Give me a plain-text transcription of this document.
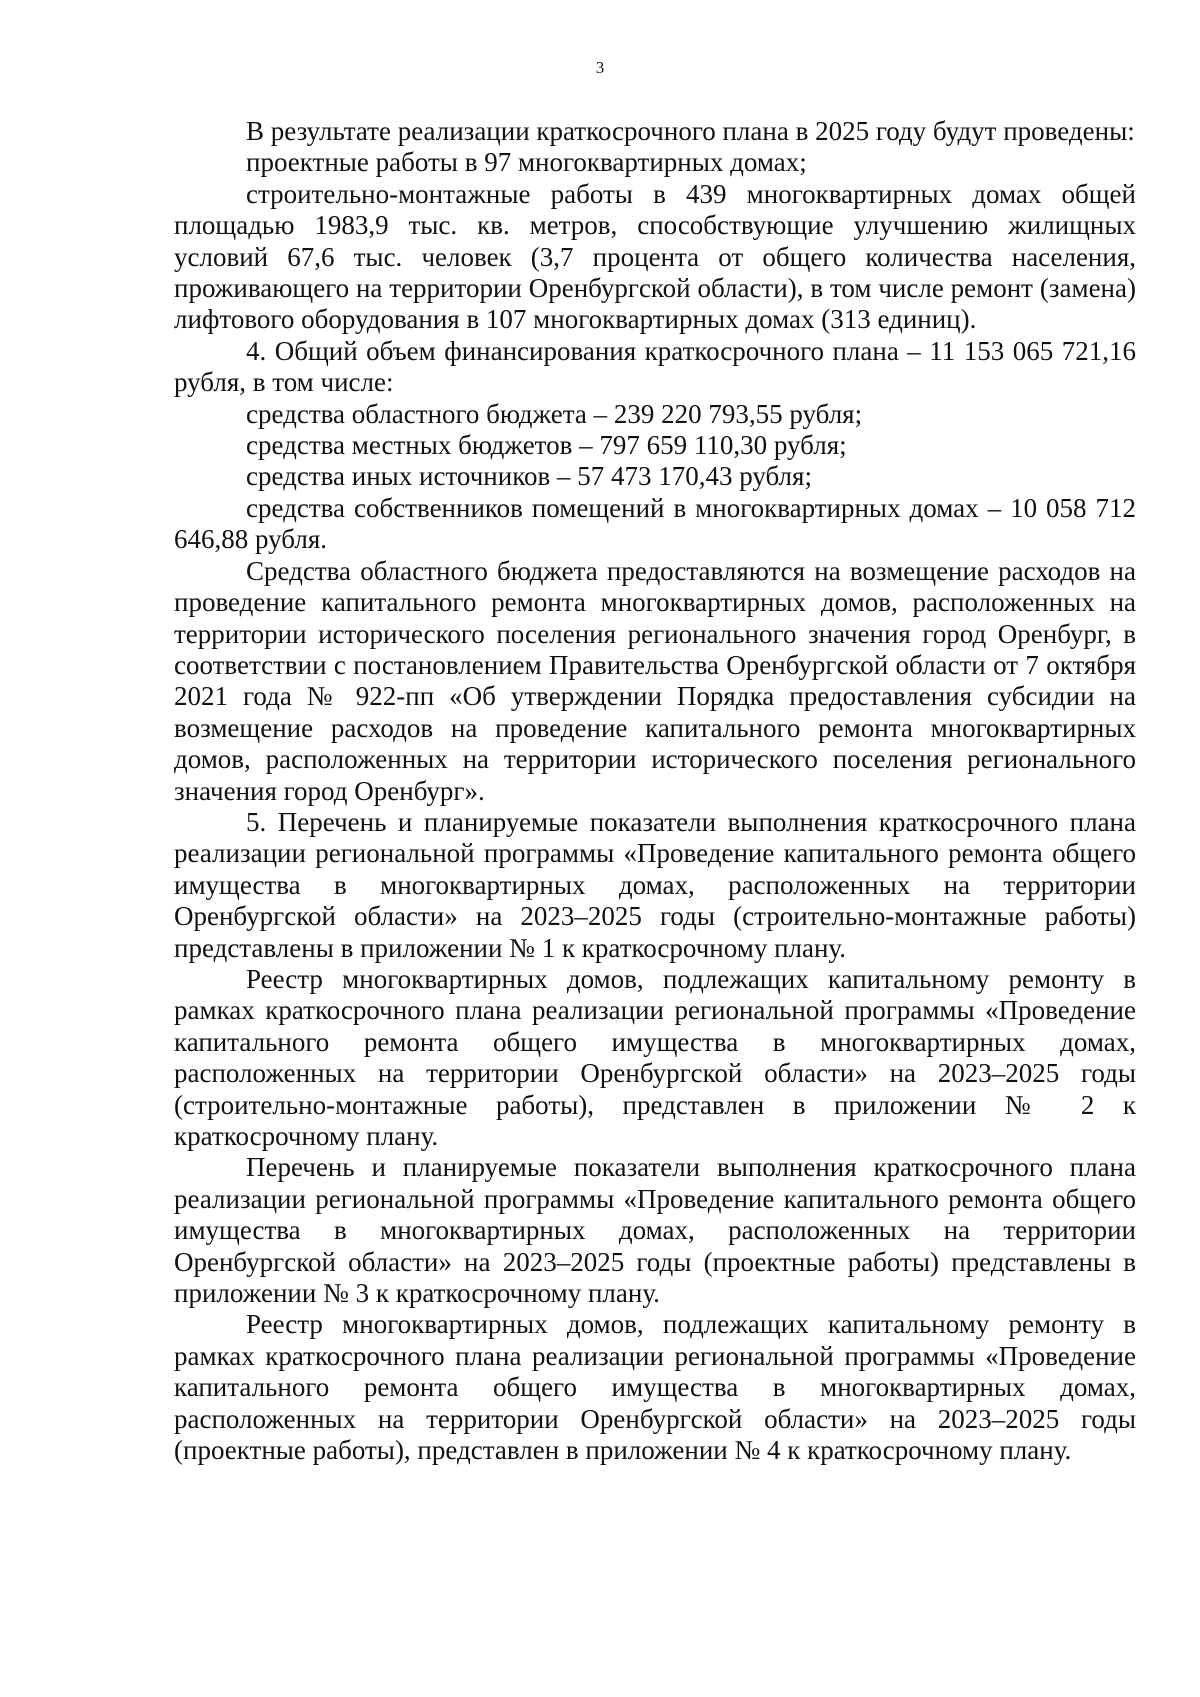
3

В результате реализации краткосрочного плана в 2025 году будут проведены:

проектные работы в 97 многоквартирных домах;

строительно-монтажные работы в 439 многоквартирных домах общей площадью 1983,9 тыс. кв. метров, способствующие улучшению жилищных условий 67,6 тыс. человек (3,7 процента от общего количества населения, проживающего на территории Оренбургской области), в том числе ремонт (замена) лифтового оборудования в 107 многоквартирных домах (313 единиц).

4. Общий объем финансирования краткосрочного плана – 11 153 065 721,16 рубля, в том числе:

средства областного бюджета – 239 220 793,55 рубля;

средства местных бюджетов – 797 659 110,30 рубля;

средства иных источников – 57 473 170,43 рубля;

средства собственников помещений в многоквартирных домах – 10 058 712 646,88 рубля.

Средства областного бюджета предоставляются на возмещение расходов на проведение капитального ремонта многоквартирных домов, расположенных на территории исторического поселения регионального значения город Оренбург, в соответствии с постановлением Правительства Оренбургской области от 7 октября 2021 года № 922-пп «Об утверждении Порядка предоставления субсидии на возмещение расходов на проведение капитального ремонта многоквартирных домов, расположенных на территории исторического поселения регионального значения город Оренбург».

5. Перечень и планируемые показатели выполнения краткосрочного плана реализации региональной программы «Проведение капитального ремонта общего имущества в многоквартирных домах, расположенных на территории Оренбургской области» на 2023–2025 годы (строительно-монтажные работы) представлены в приложении № 1 к краткосрочному плану.

Реестр многоквартирных домов, подлежащих капитальному ремонту в рамках краткосрочного плана реализации региональной программы «Проведение капитального ремонта общего имущества в многоквартирных домах, расположенных на территории Оренбургской области» на 2023–2025 годы (строительно-монтажные работы), представлен в приложении № 2 к краткосрочному плану.

Перечень и планируемые показатели выполнения краткосрочного плана реализации региональной программы «Проведение капитального ремонта общего имущества в многоквартирных домах, расположенных на территории Оренбургской области» на 2023–2025 годы (проектные работы) представлены в приложении № 3 к краткосрочному плану.

Реестр многоквартирных домов, подлежащих капитальному ремонту в рамках краткосрочного плана реализации региональной программы «Проведение капитального ремонта общего имущества в многоквартирных домах, расположенных на территории Оренбургской области» на 2023–2025 годы (проектные работы), представлен в приложении № 4 к краткосрочному плану.
